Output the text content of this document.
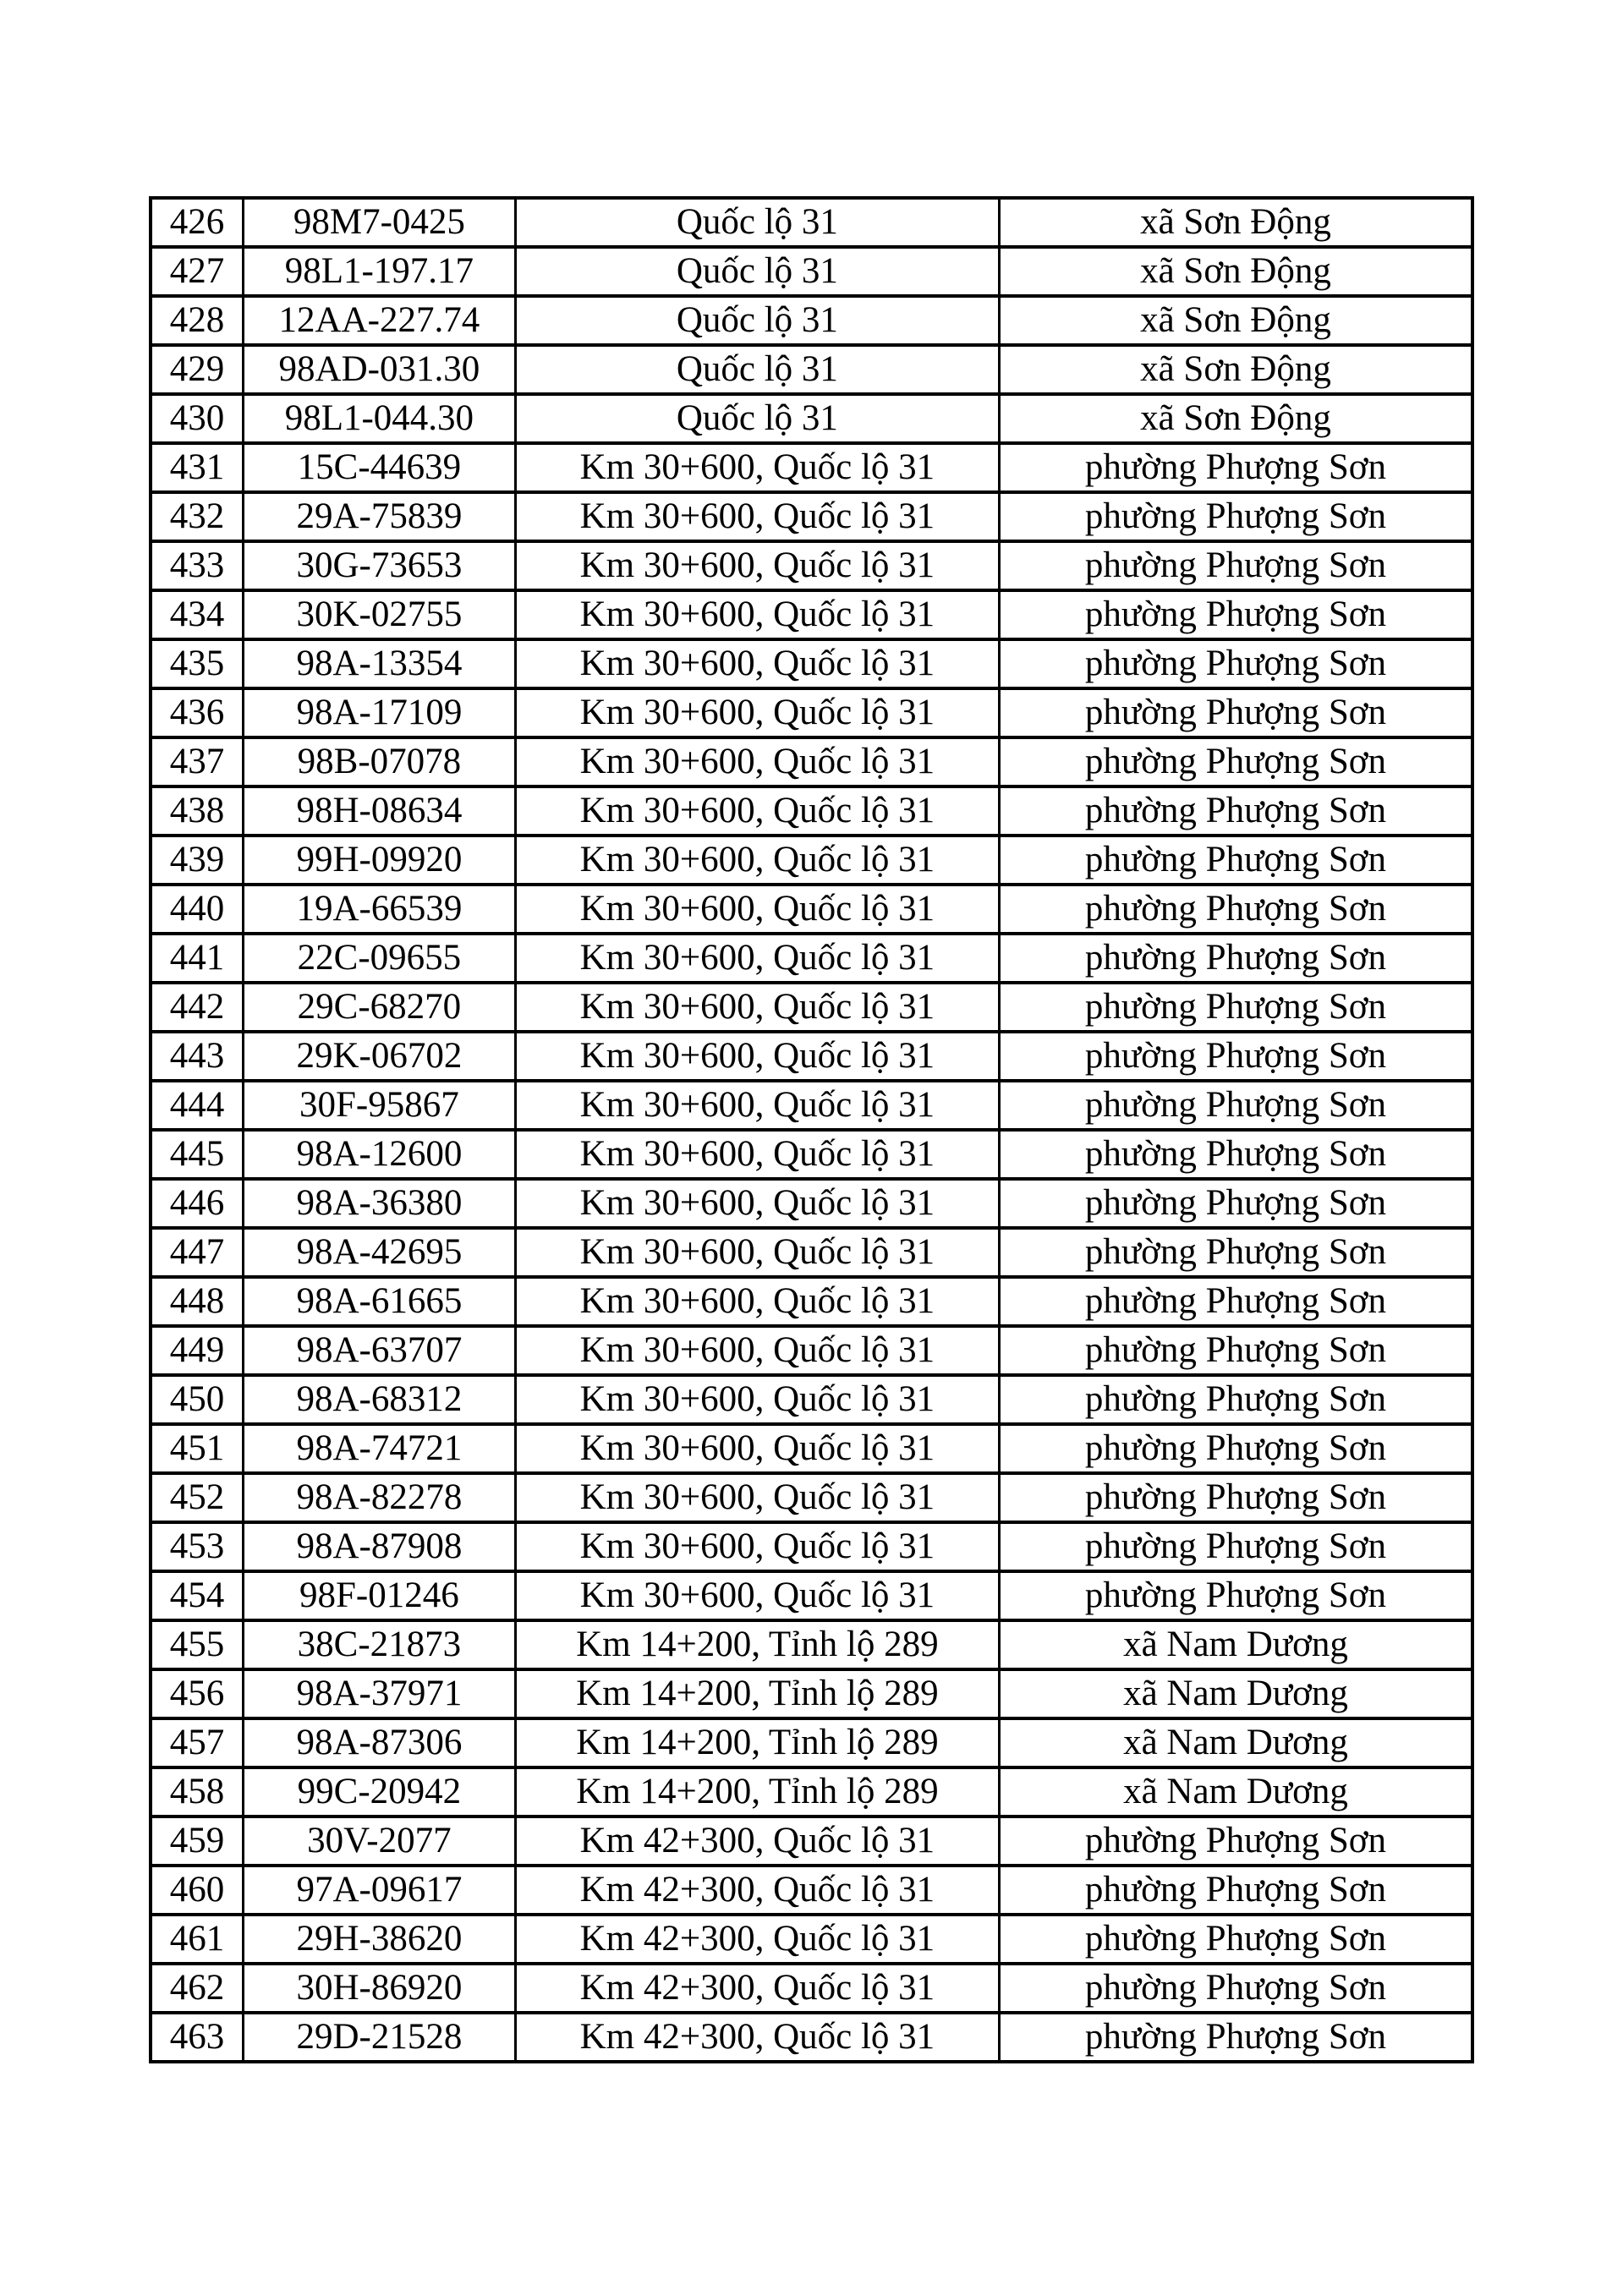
426	98M7-0425	Quốc lộ 31	xã Sơn Động
427	98L1-197.17	Quốc lộ 31	xã Sơn Động
428	12AA-227.74	Quốc lộ 31	xã Sơn Động
429	98AD-031.30	Quốc lộ 31	xã Sơn Động
430	98L1-044.30	Quốc lộ 31	xã Sơn Động
431	15C-44639	Km 30+600, Quốc lộ 31	phường Phượng Sơn
432	29A-75839	Km 30+600, Quốc lộ 31	phường Phượng Sơn
433	30G-73653	Km 30+600, Quốc lộ 31	phường Phượng Sơn
434	30K-02755	Km 30+600, Quốc lộ 31	phường Phượng Sơn
435	98A-13354	Km 30+600, Quốc lộ 31	phường Phượng Sơn
436	98A-17109	Km 30+600, Quốc lộ 31	phường Phượng Sơn
437	98B-07078	Km 30+600, Quốc lộ 31	phường Phượng Sơn
438	98H-08634	Km 30+600, Quốc lộ 31	phường Phượng Sơn
439	99H-09920	Km 30+600, Quốc lộ 31	phường Phượng Sơn
440	19A-66539	Km 30+600, Quốc lộ 31	phường Phượng Sơn
441	22C-09655	Km 30+600, Quốc lộ 31	phường Phượng Sơn
442	29C-68270	Km 30+600, Quốc lộ 31	phường Phượng Sơn
443	29K-06702	Km 30+600, Quốc lộ 31	phường Phượng Sơn
444	30F-95867	Km 30+600, Quốc lộ 31	phường Phượng Sơn
445	98A-12600	Km 30+600, Quốc lộ 31	phường Phượng Sơn
446	98A-36380	Km 30+600, Quốc lộ 31	phường Phượng Sơn
447	98A-42695	Km 30+600, Quốc lộ 31	phường Phượng Sơn
448	98A-61665	Km 30+600, Quốc lộ 31	phường Phượng Sơn
449	98A-63707	Km 30+600, Quốc lộ 31	phường Phượng Sơn
450	98A-68312	Km 30+600, Quốc lộ 31	phường Phượng Sơn
451	98A-74721	Km 30+600, Quốc lộ 31	phường Phượng Sơn
452	98A-82278	Km 30+600, Quốc lộ 31	phường Phượng Sơn
453	98A-87908	Km 30+600, Quốc lộ 31	phường Phượng Sơn
454	98F-01246	Km 30+600, Quốc lộ 31	phường Phượng Sơn
455	38C-21873	Km 14+200, Tỉnh lộ 289	xã Nam Dương
456	98A-37971	Km 14+200, Tỉnh lộ 289	xã Nam Dương
457	98A-87306	Km 14+200, Tỉnh lộ 289	xã Nam Dương
458	99C-20942	Km 14+200, Tỉnh lộ 289	xã Nam Dương
459	30V-2077	Km 42+300, Quốc lộ 31	phường Phượng Sơn
460	97A-09617	Km 42+300, Quốc lộ 31	phường Phượng Sơn
461	29H-38620	Km 42+300, Quốc lộ 31	phường Phượng Sơn
462	30H-86920	Km 42+300, Quốc lộ 31	phường Phượng Sơn
463	29D-21528	Km 42+300, Quốc lộ 31	phường Phượng Sơn
